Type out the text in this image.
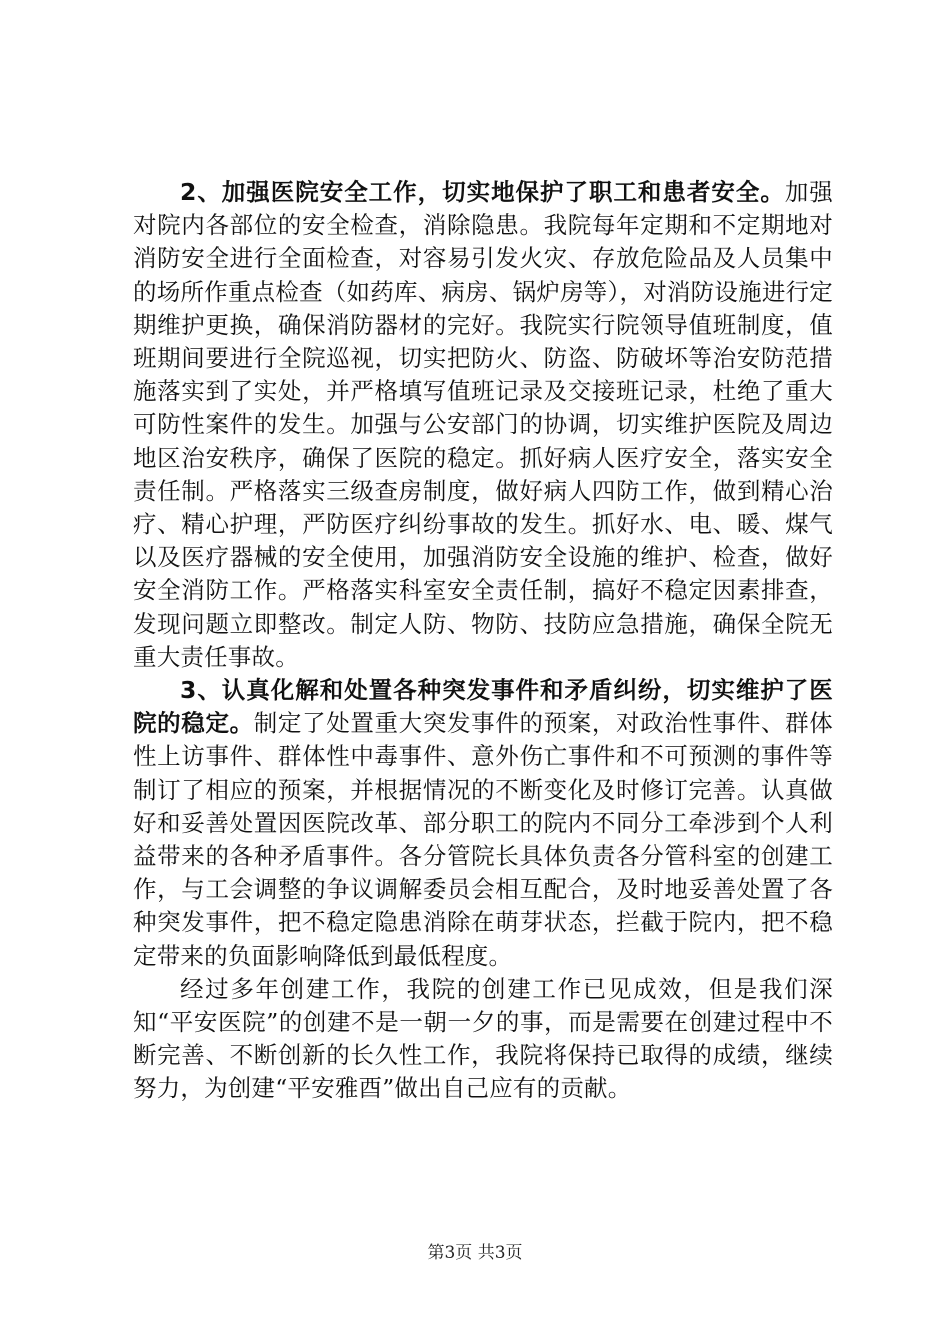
2、加强医院安全工作，切实地保护了职工和患者安全。加强对院内各部位的安全检查，消除隐患。我院每年定期和不定期地对消防安全进行全面检查，对容易引发火灾、存放危险品及人员集中的场所作重点检查（如药库、病房、锅炉房等），对消防设施进行定期维护更换，确保消防器材的完好。我院实行院领导值班制度，值班期间要进行全院巡视，切实把防火、防盗、防破坏等治安防范措施落实到了实处，并严格填写值班记录及交接班记录，杜绝了重大可防性案件的发生。加强与公安部门的协调，切实维护医院及周边地区治安秩序，确保了医院的稳定。抓好病人医疗安全，落实安全责任制。严格落实三级查房制度，做好病人四防工作，做到精心治疗、精心护理，严防医疗纠纷事故的发生。抓好水、电、暖、煤气以及医疗器械的安全使用，加强消防安全设施的维护、检查，做好安全消防工作。严格落实科室安全责任制，搞好不稳定因素排查，发现问题立即整改。制定人防、物防、技防应急措施，确保全院无重大责任事故。

3、认真化解和处置各种突发事件和矛盾纠纷，切实维护了医院的稳定。制定了处置重大突发事件的预案，对政治性事件、群体性上访事件、群体性中毒事件、意外伤亡事件和不可预测的事件等制订了相应的预案，并根据情况的不断变化及时修订完善。认真做好和妥善处置因医院改革、部分职工的院内不同分工牵涉到个人利益带来的各种矛盾事件。各分管院长具体负责各分管科室的创建工作，与工会调整的争议调解委员会相互配合，及时地妥善处置了各种突发事件，把不稳定隐患消除在萌芽状态，拦截于院内，把不稳定带来的负面影响降低到最低程度。

经过多年创建工作，我院的创建工作已见成效，但是我们深知“平安医院”的创建不是一朝一夕的事，而是需要在创建过程中不断完善、不断创新的长久性工作，我院将保持已取得的成绩，继续努力，为创建“平安雅酉”做出自己应有的贡献。

第3页 共3页
